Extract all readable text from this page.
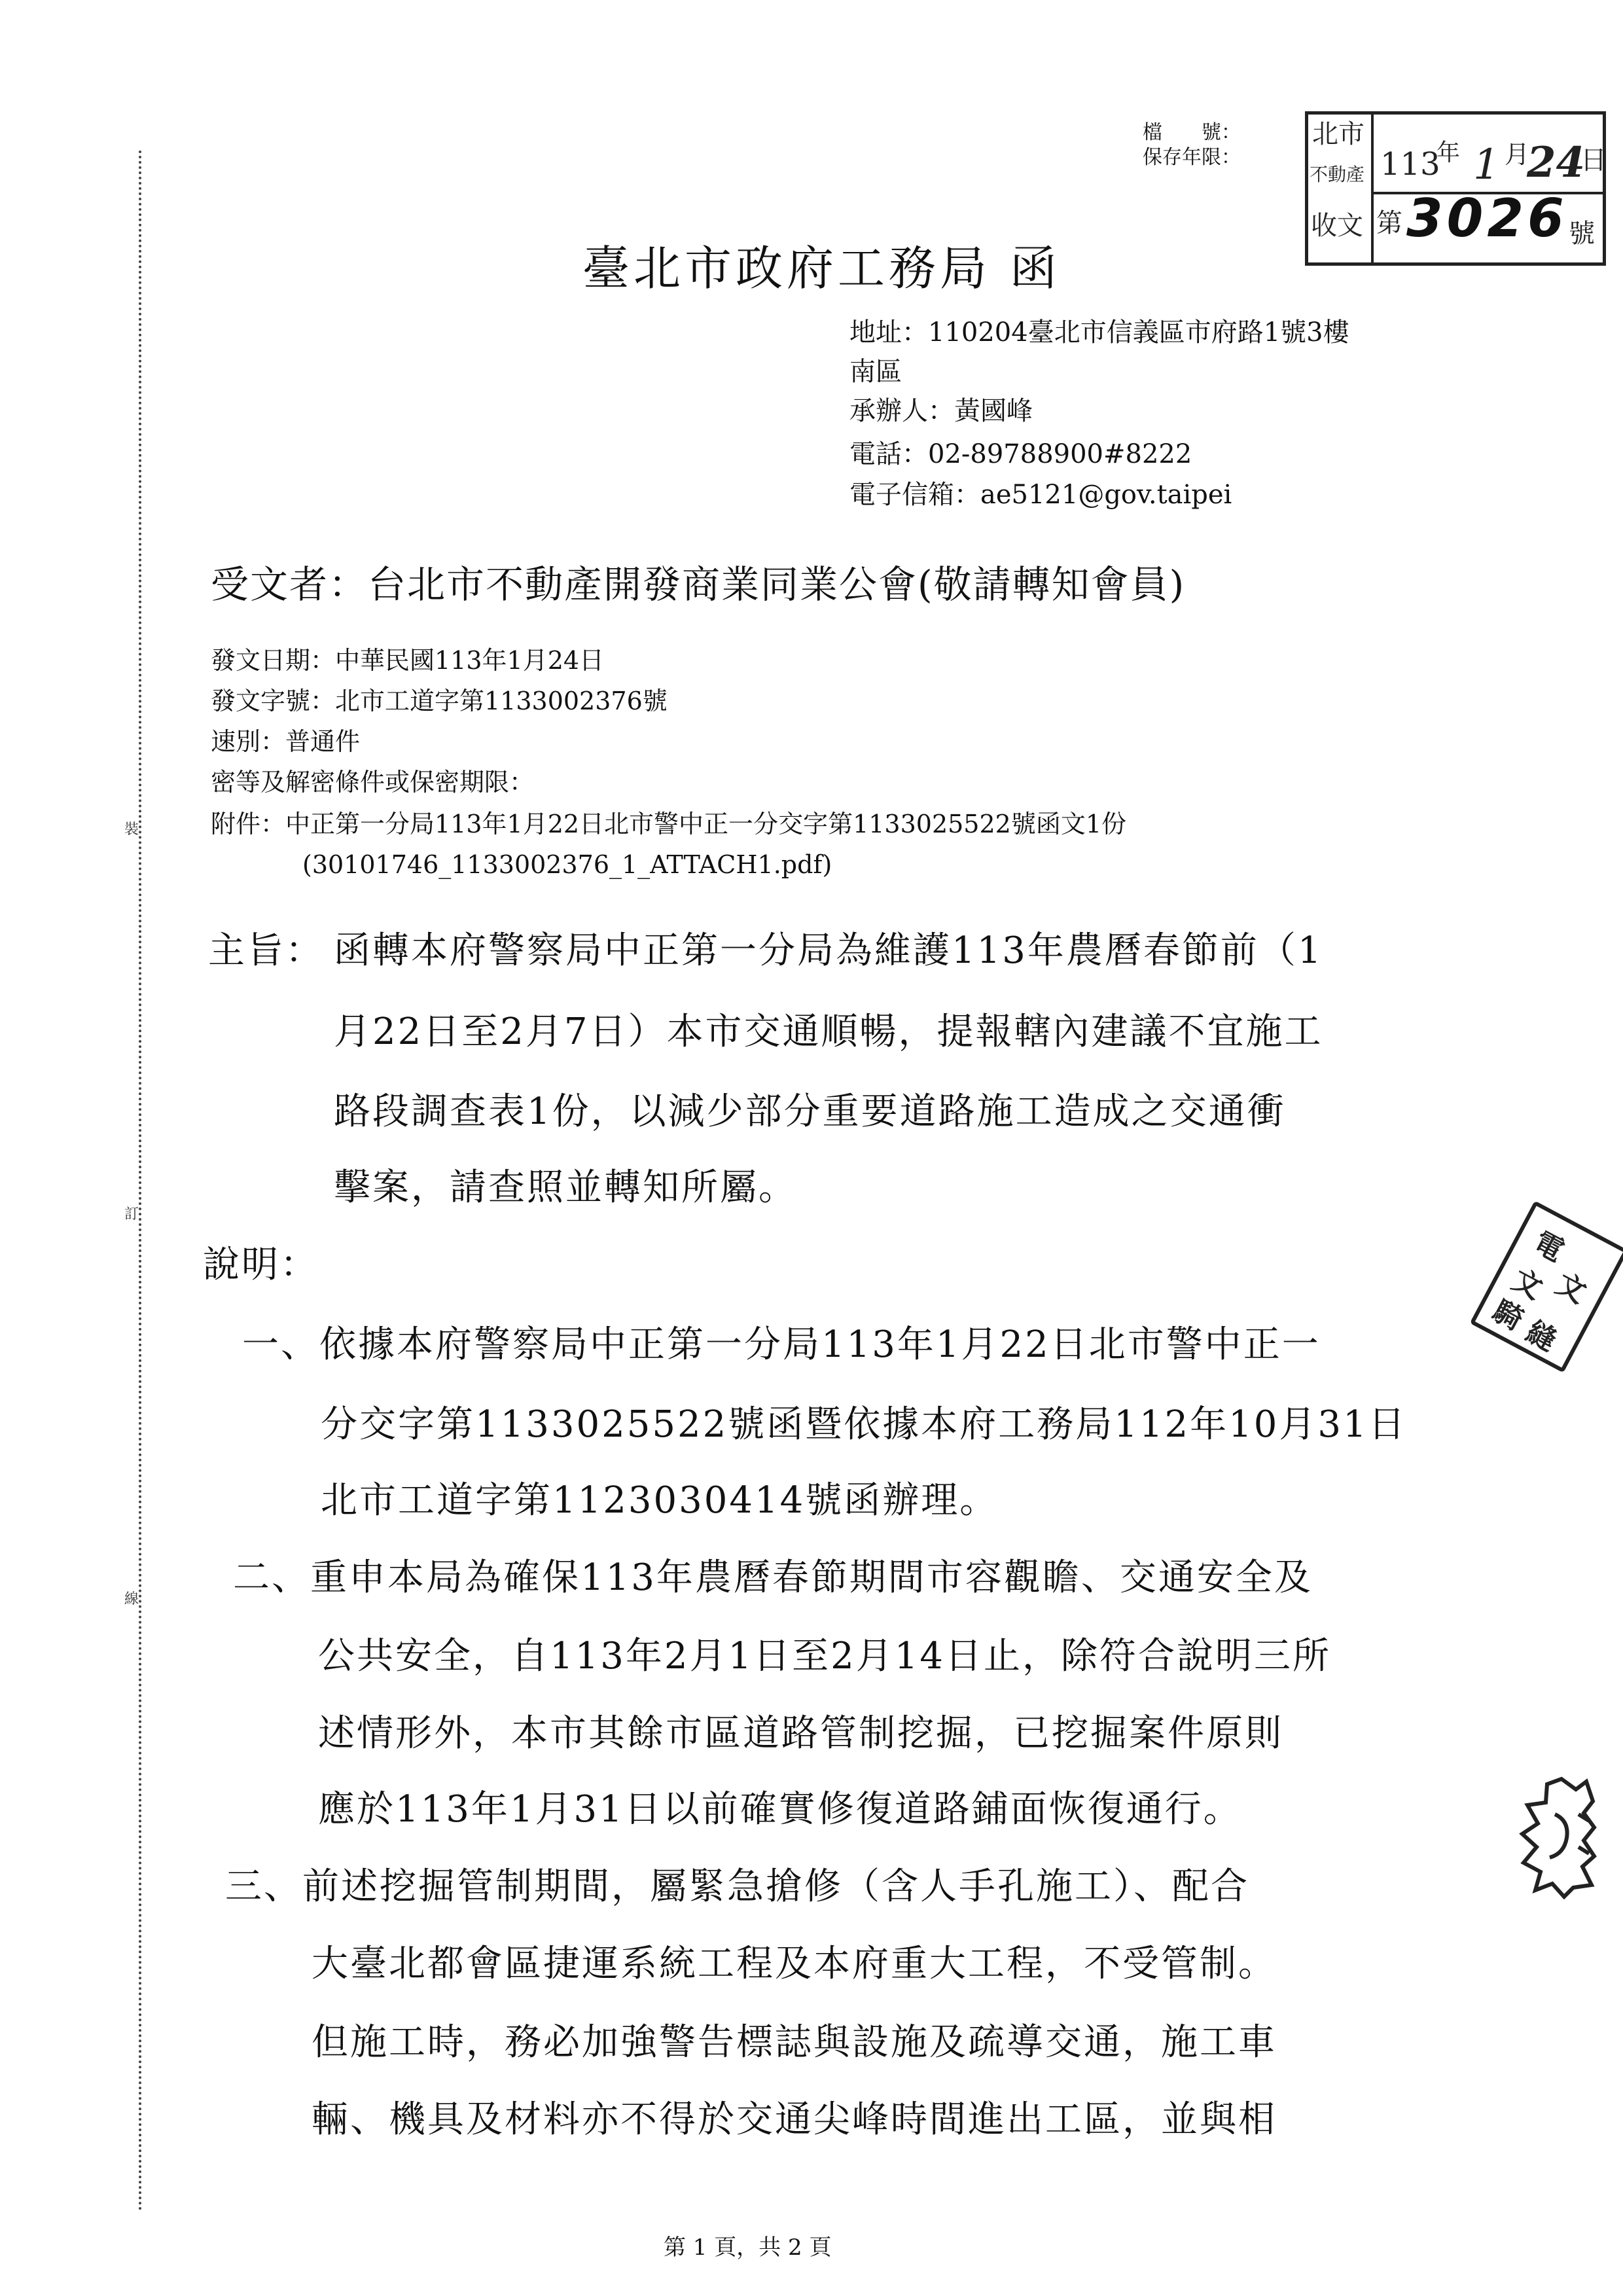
裝
訂
線
檔　　號：
保存年限：
北市
不動產
收文
113
年 1 月
24
日
第 3026 號
臺北市政府工務局 函
地址：110204臺北市信義區市府路1號3樓
南區
承辦人：黃國峰
電話：02-89788900#8222
電子信箱：ae5121@gov.taipei
受文者：台北市不動產開發商業同業公會(敬請轉知會員)
發文日期：中華民國113年1月24日
發文字號：北市工道字第1133002376號
速別：普通件
密等及解密條件或保密期限：
附件：中正第一分局113年1月22日北市警中正一分交字第1133025522號函文1份
(30101746_1133002376_1_ATTACH1.pdf)
主旨： 函轉本府警察局中正第一分局為維護113年農曆春節前（1
月22日至2月7日）本市交通順暢，提報轄內建議不宜施工
路段調查表1份，以減少部分重要道路施工造成之交通衝
擊案，請查照並轉知所屬。
說明：
一、依據本府警察局中正第一分局113年1月22日北市警中正一
分交字第1133025522號函暨依據本府工務局112年10月31日
北市工道字第1123030414號函辦理。
二、重申本局為確保113年農曆春節期間市容觀瞻、交通安全及
公共安全，自113年2月1日至2月14日止，除符合說明三所
述情形外，本市其餘市區道路管制挖掘，已挖掘案件原則
應於113年1月31日以前確實修復道路鋪面恢復通行。
三、前述挖掘管制期間，屬緊急搶修（含人手孔施工）、配合
大臺北都會區捷運系統工程及本府重大工程，不受管制。
但施工時，務必加強警告標誌與設施及疏導交通，施工車
輛、機具及材料亦不得於交通尖峰時間進出工區，並與相
電
文
文
騎
縫
第 1 頁，共 2 頁
